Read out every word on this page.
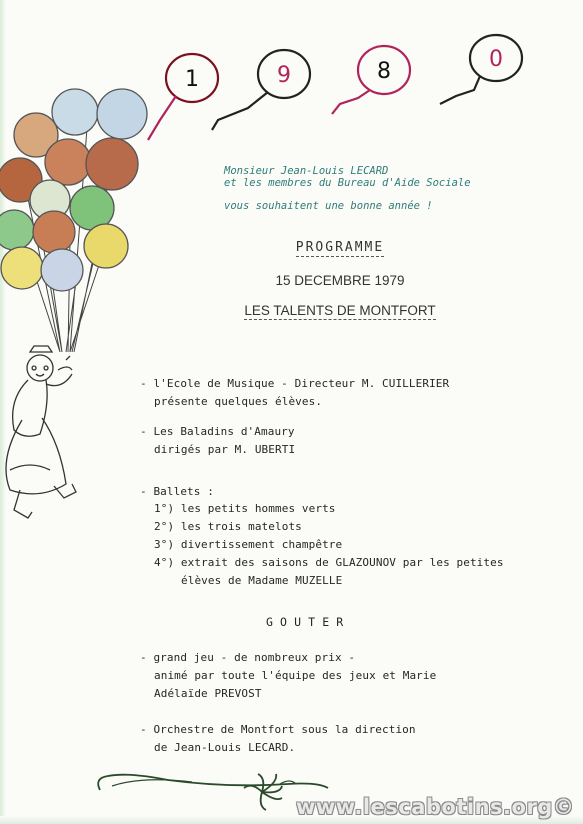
1	9	8	0
Monsieur Jean-Louis LECARD
et les membres du Bureau d'Aide Sociale
vous souhaitent une bonne année !
PROGRAMME
15 DECEMBRE 1979
LES TALENTS DE MONTFORT
- l'Ecole de Musique - Directeur M. CUILLERIER
présente quelques élèves.
- Les Baladins d'Amaury
dirigés par M. UBERTI
- Ballets :
1°) les petits hommes verts
2°) les trois matelots
3°) divertissement champêtre
4°) extrait des saisons de GLAZOUNOV par les petites
élèves de Madame MUZELLE
G O U T E R
- grand jeu - de nombreux prix -
animé par toute l'équipe des jeux et Marie
Adélaïde PREVOST
- Orchestre de Montfort sous la direction
de Jean-Louis LECARD.
www.lescabotins.org©
